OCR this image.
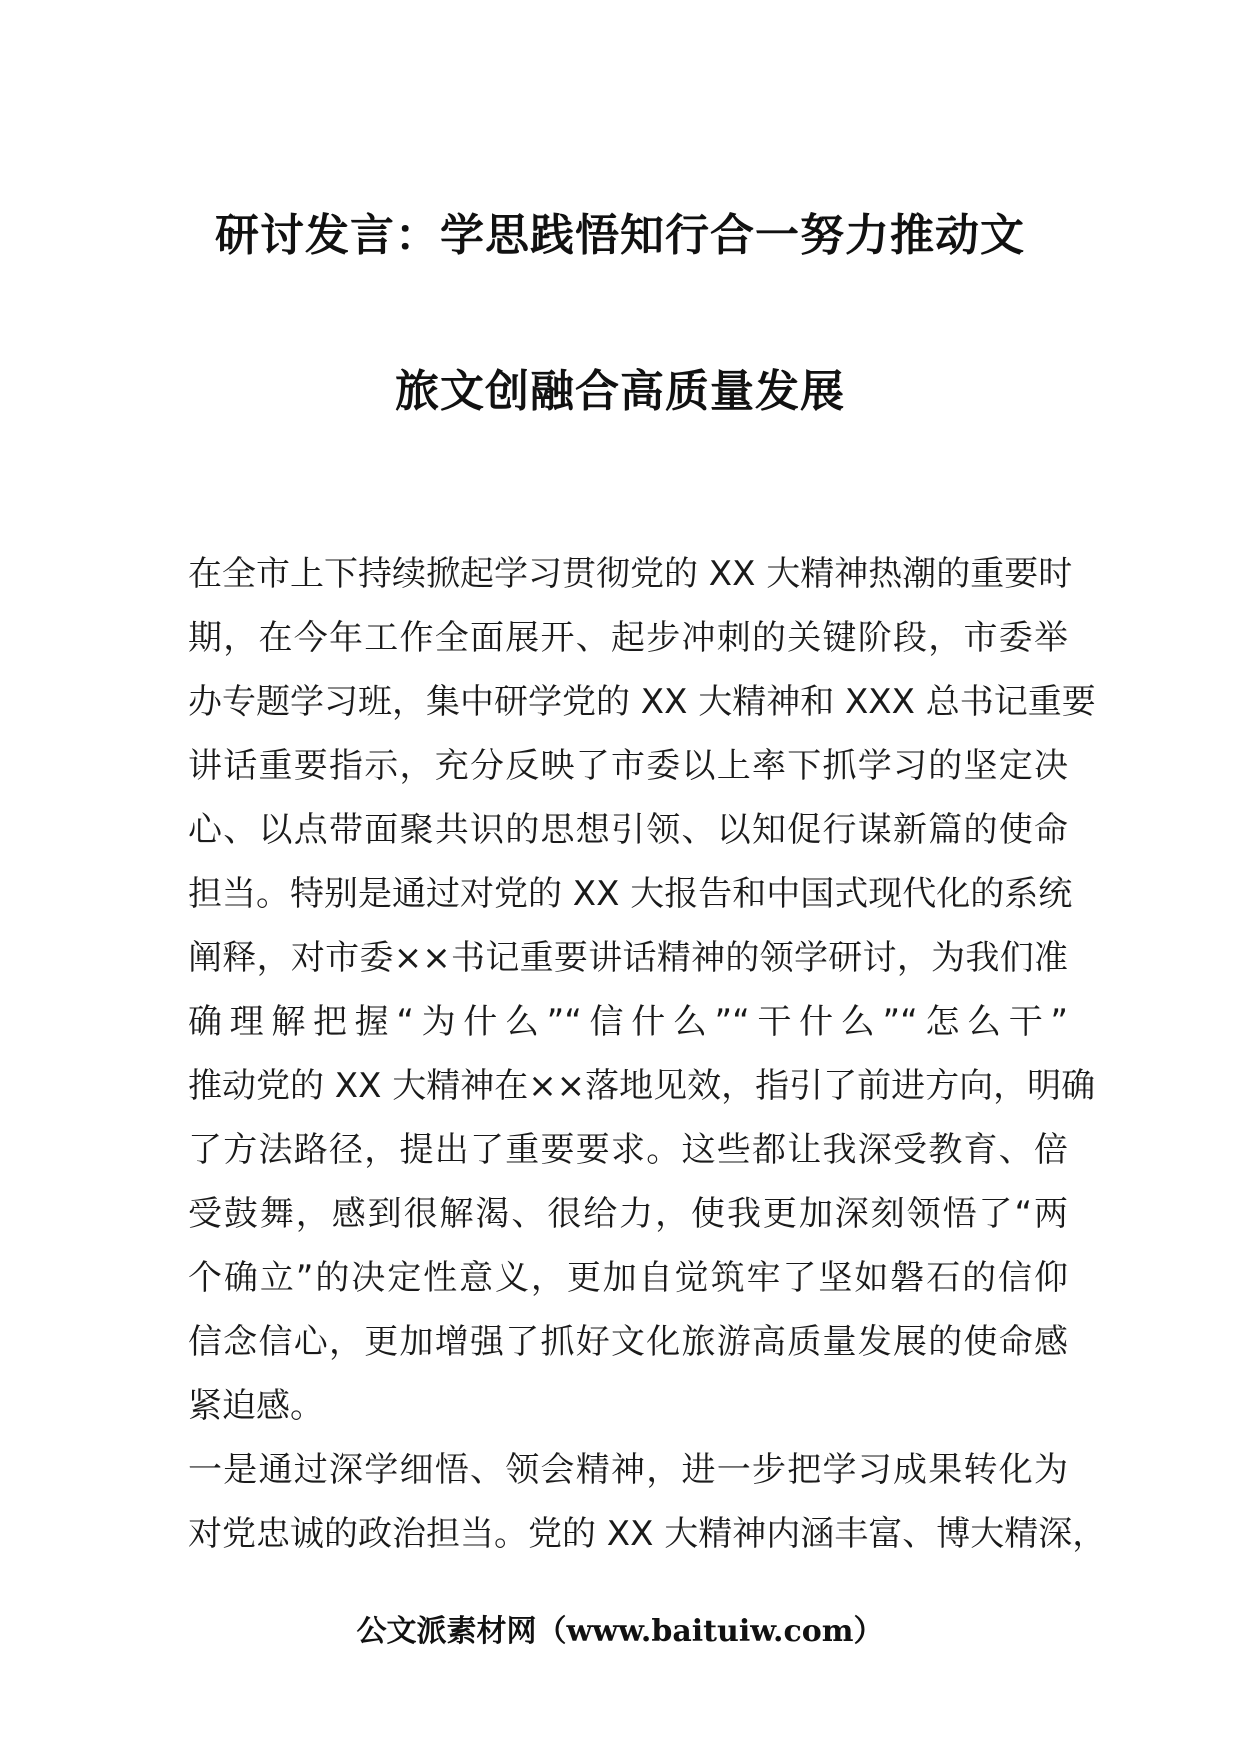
研讨发言：学思践悟知行合一努力推动文
旅文创融合高质量发展
在全市上下持续掀起学习贯彻党的 XX 大精神热潮的重要时
期，在今年工作全面展开、起步冲刺的关键阶段，市委举
办专题学习班，集中研学党的 XX 大精神和 XXX 总书记重要
讲话重要指示，充分反映了市委以上率下抓学习的坚定决
心、以点带面聚共识的思想引领、以知促行谋新篇的使命
担当。特别是通过对党的 XX 大报告和中国式现代化的系统
阐释，对市委××书记重要讲话精神的领学研讨，为我们准
确理解把握“为什么”“信什么”“干什么”“怎么干”
推动党的 XX 大精神在××落地见效，指引了前进方向，明确
了方法路径，提出了重要要求。这些都让我深受教育、倍
受鼓舞，感到很解渴、很给力，使我更加深刻领悟了“两
个确立”的决定性意义，更加自觉筑牢了坚如磐石的信仰
信念信心，更加增强了抓好文化旅游高质量发展的使命感
紧迫感。
一是通过深学细悟、领会精神，进一步把学习成果转化为
对党忠诚的政治担当。党的 XX 大精神内涵丰富、博大精深，
公文派素材网（www.baituiw.com）
